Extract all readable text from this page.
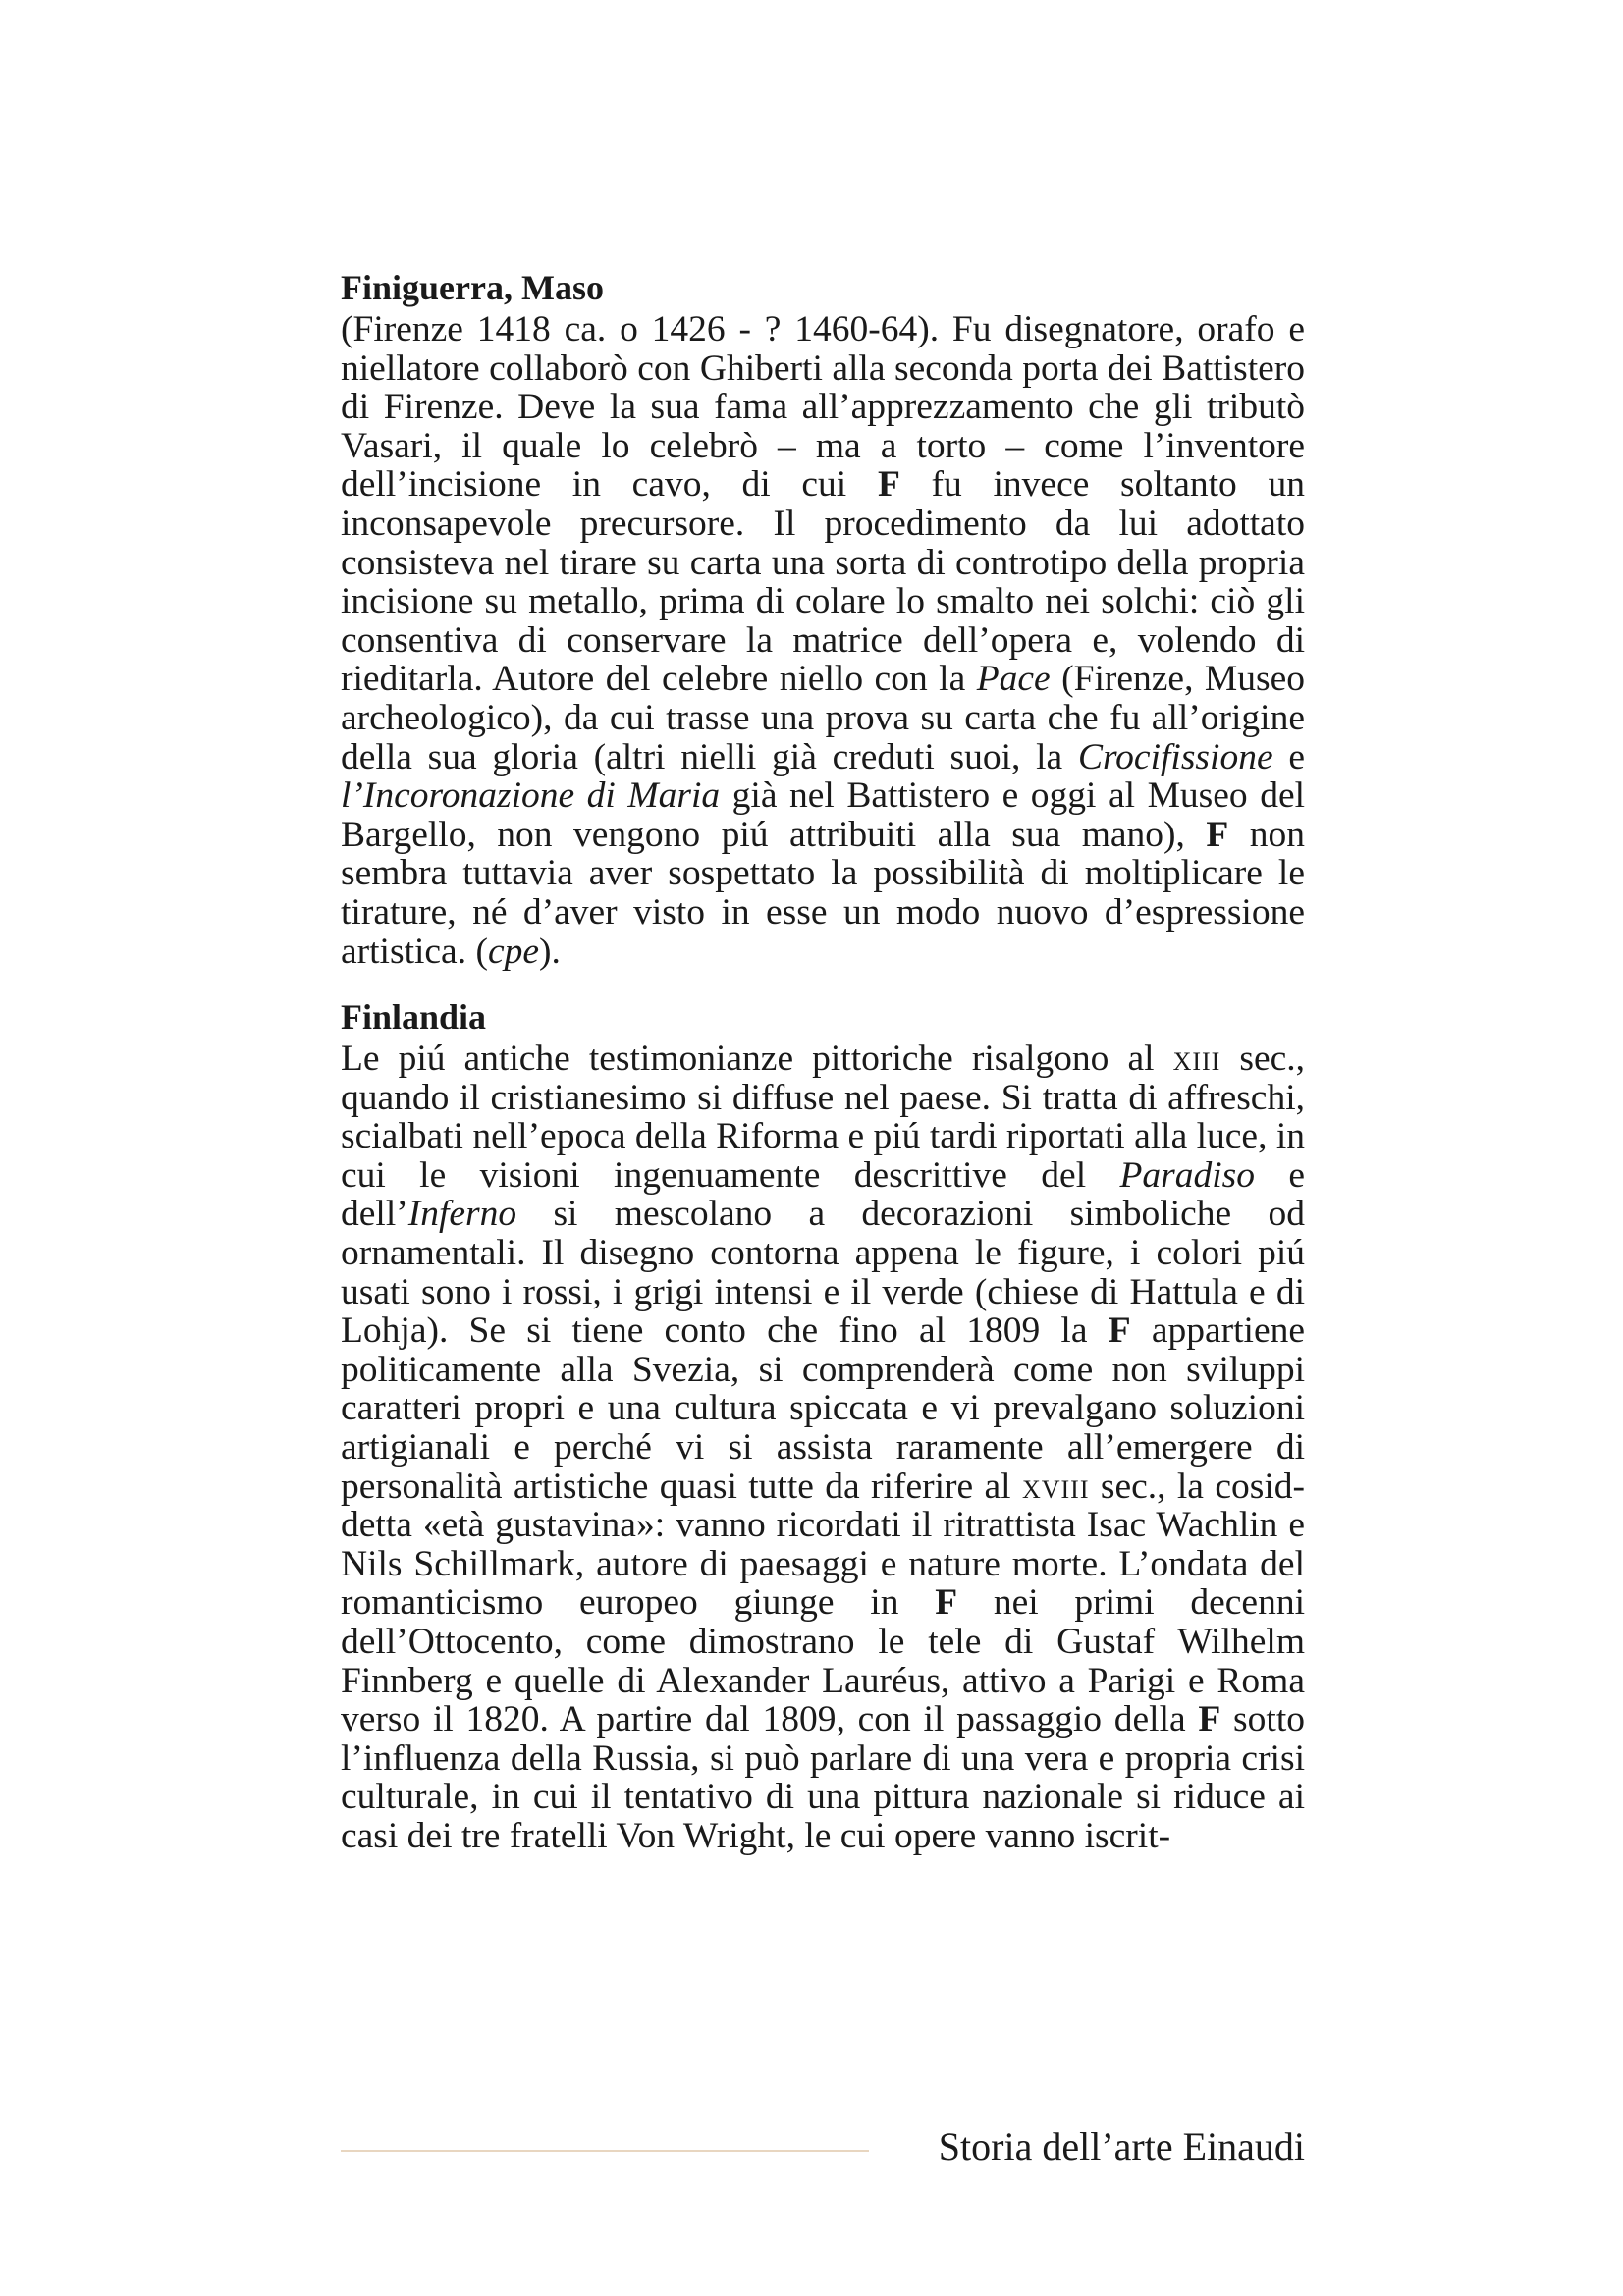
Finiguerra, Maso

(Firenze 1418 ca. o 1426 - ? 1460-64). Fu disegnatore, orafo e niellatore collaborò con Ghiberti alla seconda porta dei Battistero di Firenze. Deve la sua fama all’apprezzamento che gli tributò Vasari, il quale lo celebrò – ma a torto – come l’inventore dell’incisione in cavo, di cui F fu invece soltanto un inconsapevole precursore. Il procedimento da lui adottato consisteva nel tirare su carta una sorta di controtipo della propria incisione su metallo, prima di colare lo smalto nei solchi: ciò gli consentiva di conservare la matrice dell’opera e, volendo di rieditarla. Autore del celebre niello con la Pace (Firenze, Museo archeologico), da cui trasse una prova su carta che fu all’origine della sua gloria (altri nielli già creduti suoi, la Crocifissione e l’Incoronazione di Maria già nel Battistero e oggi al Museo del Bargello, non vengono piú attribuiti alla sua mano), F non sembra tuttavia aver sospettato la possibilità di moltiplicare le tirature, né d’aver visto in esse un modo nuovo d’espressione artistica. (cpe).

Finlandia

Le piú antiche testimonianze pittoriche risalgono al xiii sec., quando il cristianesimo si diffuse nel paese. Si tratta di affreschi, scialbati nell’epoca della Riforma e piú tardi riportati alla luce, in cui le visioni ingenuamente descrittive del Paradiso e dell’Inferno si mescolano a decorazioni simboliche od ornamentali. Il disegno contorna appena le figure, i colori piú usati sono i rossi, i grigi intensi e il verde (chiese di Hattula e di Lohja). Se si tiene conto che fino al 1809 la F appartiene politicamente alla Svezia, si comprenderà come non sviluppi caratteri propri e una cultura spiccata e vi prevalgano soluzioni artigianali e perché vi si assista raramente all’emergere di personalità artistiche quasi tutte da riferire al xviii sec., la cosiddetta «età gustavina»: vanno ricordati il ritrattista Isac Wachlin e Nils Schillmark, autore di paesaggi e nature morte. L’ondata del romanticismo europeo giunge in F nei primi decenni dell’Ottocento, come dimostrano le tele di Gustaf Wilhelm Finnberg e quelle di Alexander Lauréus, attivo a Parigi e Roma verso il 1820. A partire dal 1809, con il passaggio della F sotto l’influenza della Russia, si può parlare di una vera e propria crisi culturale, in cui il tentativo di una pittura nazionale si riduce ai casi dei tre fratelli Von Wright, le cui opere vanno iscrit-

Storia dell’arte Einaudi
